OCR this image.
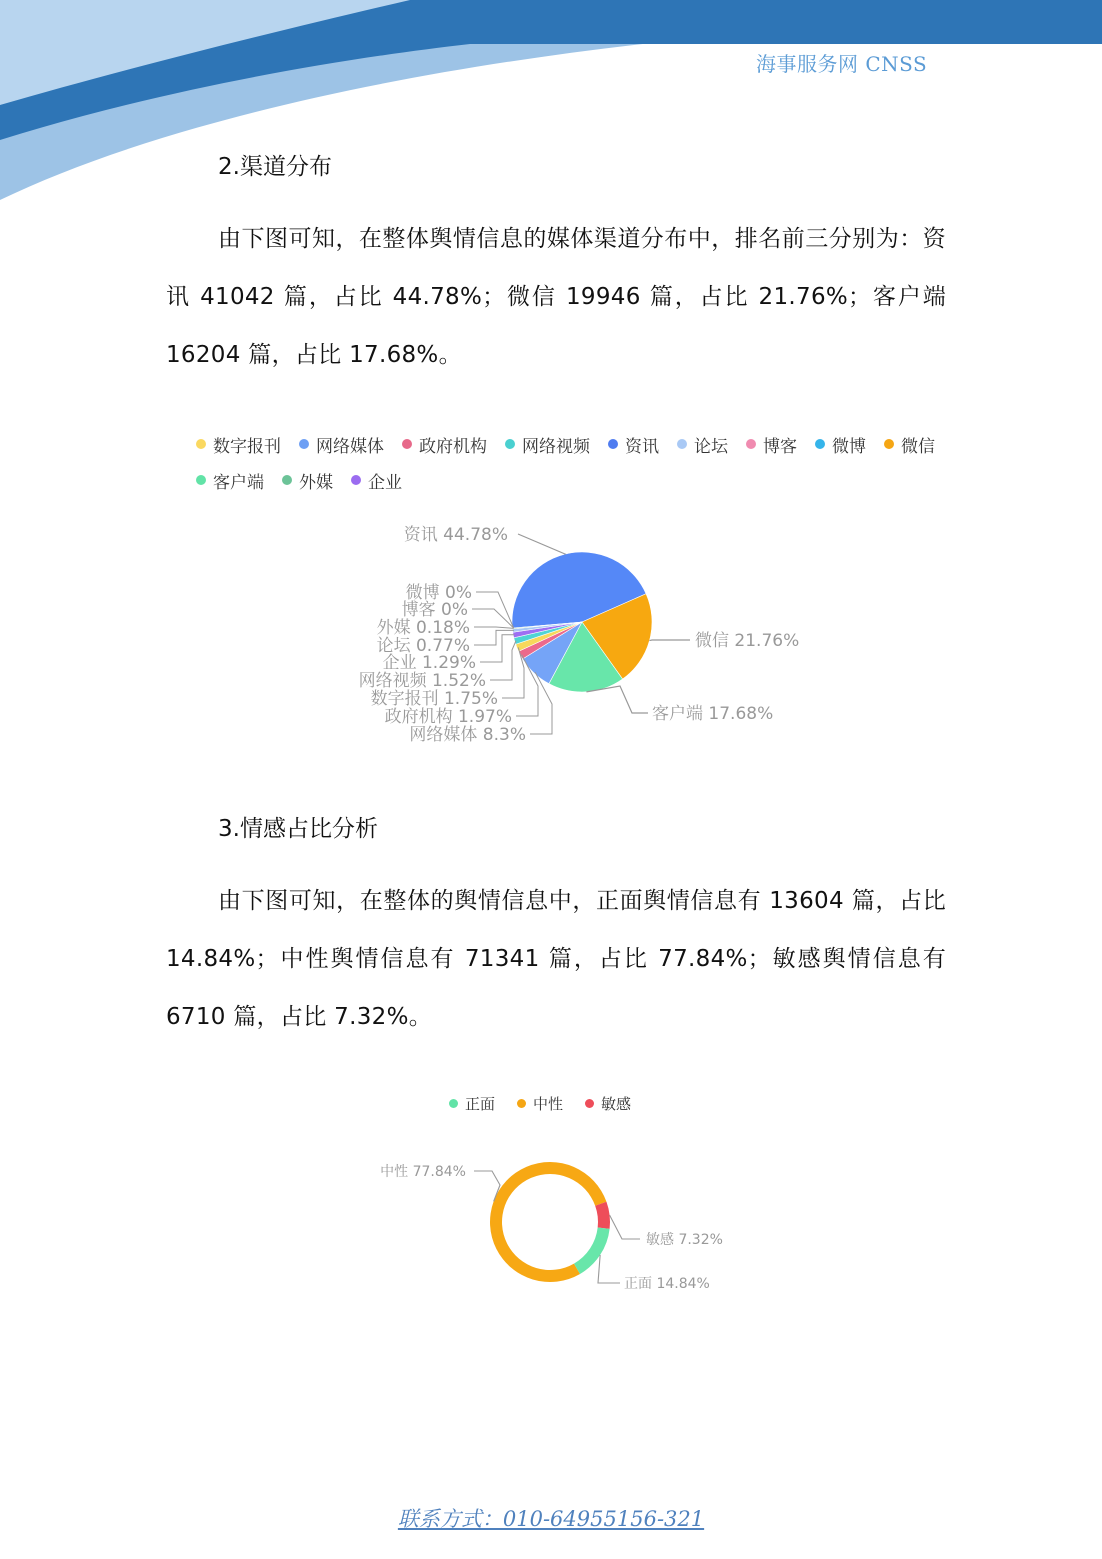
海事服务网 CNSS
2.渠道分布

由下图可知，在整体舆情信息的媒体渠道分布中，排名前三分别为：资讯 41042 篇，占比 44.78%；微信 19946 篇，占比 21.76%；客户端 16204 篇，占比 17.68%。

数字报刊 网络媒体 政府机构 网络视频 资讯 论坛 博客 微博 微信
客户端 外媒 企业
资讯 44.78%
微信 21.76%
客户端 17.68%
微博 0%
博客 0%
外媒 0.18%
论坛 0.77%
企业 1.29%
网络视频 1.52%
数字报刊 1.75%
政府机构 1.97%
网络媒体 8.3%
3.情感占比分析

由下图可知，在整体的舆情信息中，正面舆情信息有 13604 篇，占比 14.84%；中性舆情信息有 71341 篇，占比 77.84%；敏感舆情信息有 6710 篇，占比 7.32%。

正面	中性	敏感
中性 77.84%
敏感 7.32%
正面 14.84%
联系方式：010-64955156-321
